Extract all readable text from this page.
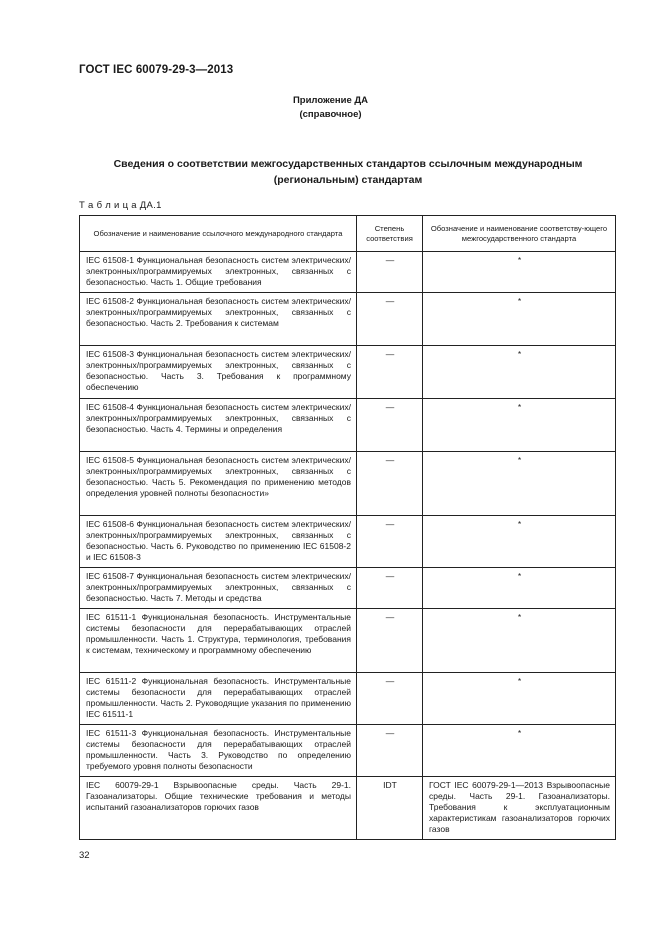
ГОСТ IEC 60079-29-3—2013
Приложение ДА
(справочное)
Сведения о соответствии межгосударственных стандартов ссылочным международным
(региональным) стандартам
Т а б л и ц а ДА.1
Обозначение и наименование ссылочного международного стандарта	Степень соответствия	Обозначение и наименование соответству-ющего межгосударственного стандарта
IEC 61508-1 Функциональная безопасность систем электрических/электронных/программируемых электронных, связанных с безопасностью. Часть 1. Общие требования	—	*
IEC 61508-2 Функциональная безопасность систем электрических/электронных/программируемых электронных, связанных с безопасностью. Часть 2. Требования к системам	—	*
IEC 61508-3 Функциональная безопасность систем электрических/электронных/программируемых электронных, связанных с безопасностью. Часть 3. Требования к программному обеспечению	—	*
IEC 61508-4 Функциональная безопасность систем электрических/электронных/программируемых электронных, связанных с безопасностью. Часть 4. Термины и определения	—	*
IEC 61508-5 Функциональная безопасность систем электрических/электронных/программируемых электронных, связанных с безопасностью. Часть 5. Рекомендация по применению методов определения уровней полноты безопасности»	—	*
IEC 61508-6 Функциональная безопасность систем электрических/электронных/программируемых электронных, связанных с безопасностью. Часть 6. Руководство по применению IEC 61508-2 и IEC 61508-3	—	*
IEC 61508-7 Функциональная безопасность систем электрических/электронных/программируемых электронных, связанных с безопасностью. Часть 7. Методы и средства	—	*
IEC 61511-1 Функциональная безопасность. Инструментальные системы безопасности для перерабатывающих отраслей промышленности. Часть 1. Структура, терминология, требования к системам, техническому и программному обеспечению	—	*
IEC 61511-2 Функциональная безопасность. Инструментальные системы безопасности для перерабатывающих отраслей промышленности. Часть 2. Руководящие указания по применению IEC 61511-1	—	*
IEC 61511-3 Функциональная безопасность. Инструментальные системы безопасности для перерабатывающих отраслей промышленности. Часть 3. Руководство по определению требуемого уровня полноты безопасности	—	*
IEC 60079-29-1 Взрывоопасные среды. Часть 29-1. Газоанализаторы. Общие технические требования и методы испытаний газоанализаторов горючих газов	IDT	ГОСТ IEC 60079-29-1—2013 Взрывоопасные среды. Часть 29-1. Газоанализаторы. Требования к эксплуатационным характеристикам газоанализаторов горючих газов
32
